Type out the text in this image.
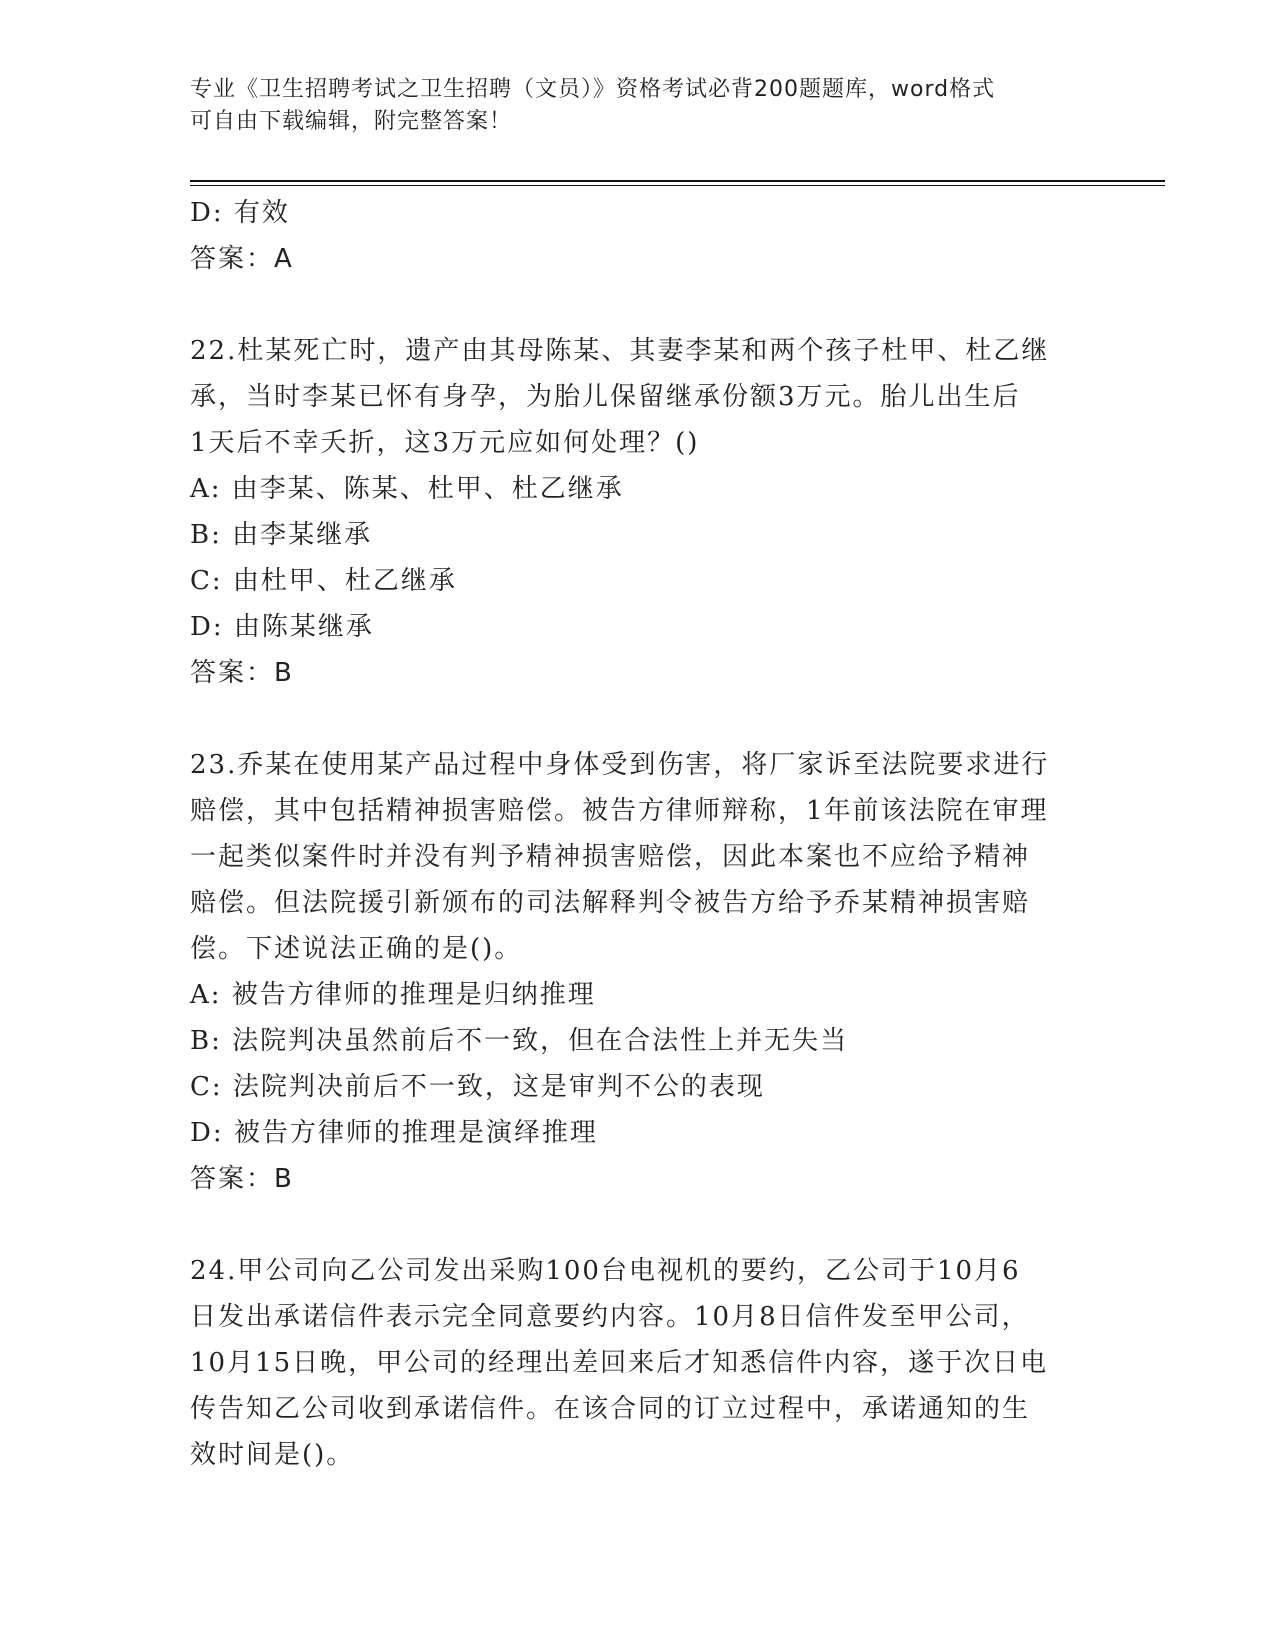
专业《卫生招聘考试之卫生招聘（文员）》资格考试必背200题题库，word格式
可自由下载编辑，附完整答案！
D: 有效
答案：A
22.杜某死亡时，遗产由其母陈某、其妻李某和两个孩子杜甲、杜乙继
承，当时李某已怀有身孕，为胎儿保留继承份额3万元。胎儿出生后
1天后不幸夭折，这3万元应如何处理？()
A: 由李某、陈某、杜甲、杜乙继承
B: 由李某继承
C: 由杜甲、杜乙继承
D: 由陈某继承
答案：B
23.乔某在使用某产品过程中身体受到伤害，将厂家诉至法院要求进行
赔偿，其中包括精神损害赔偿。被告方律师辩称，1年前该法院在审理
一起类似案件时并没有判予精神损害赔偿，因此本案也不应给予精神
赔偿。但法院援引新颁布的司法解释判令被告方给予乔某精神损害赔
偿。下述说法正确的是()。
A: 被告方律师的推理是归纳推理
B: 法院判决虽然前后不一致，但在合法性上并无失当
C: 法院判决前后不一致，这是审判不公的表现
D: 被告方律师的推理是演绎推理
答案：B
24.甲公司向乙公司发出采购100台电视机的要约，乙公司于10月6
日发出承诺信件表示完全同意要约内容。10月8日信件发至甲公司，
10月15日晚，甲公司的经理出差回来后才知悉信件内容，遂于次日电
传告知乙公司收到承诺信件。在该合同的订立过程中，承诺通知的生
效时间是()。
